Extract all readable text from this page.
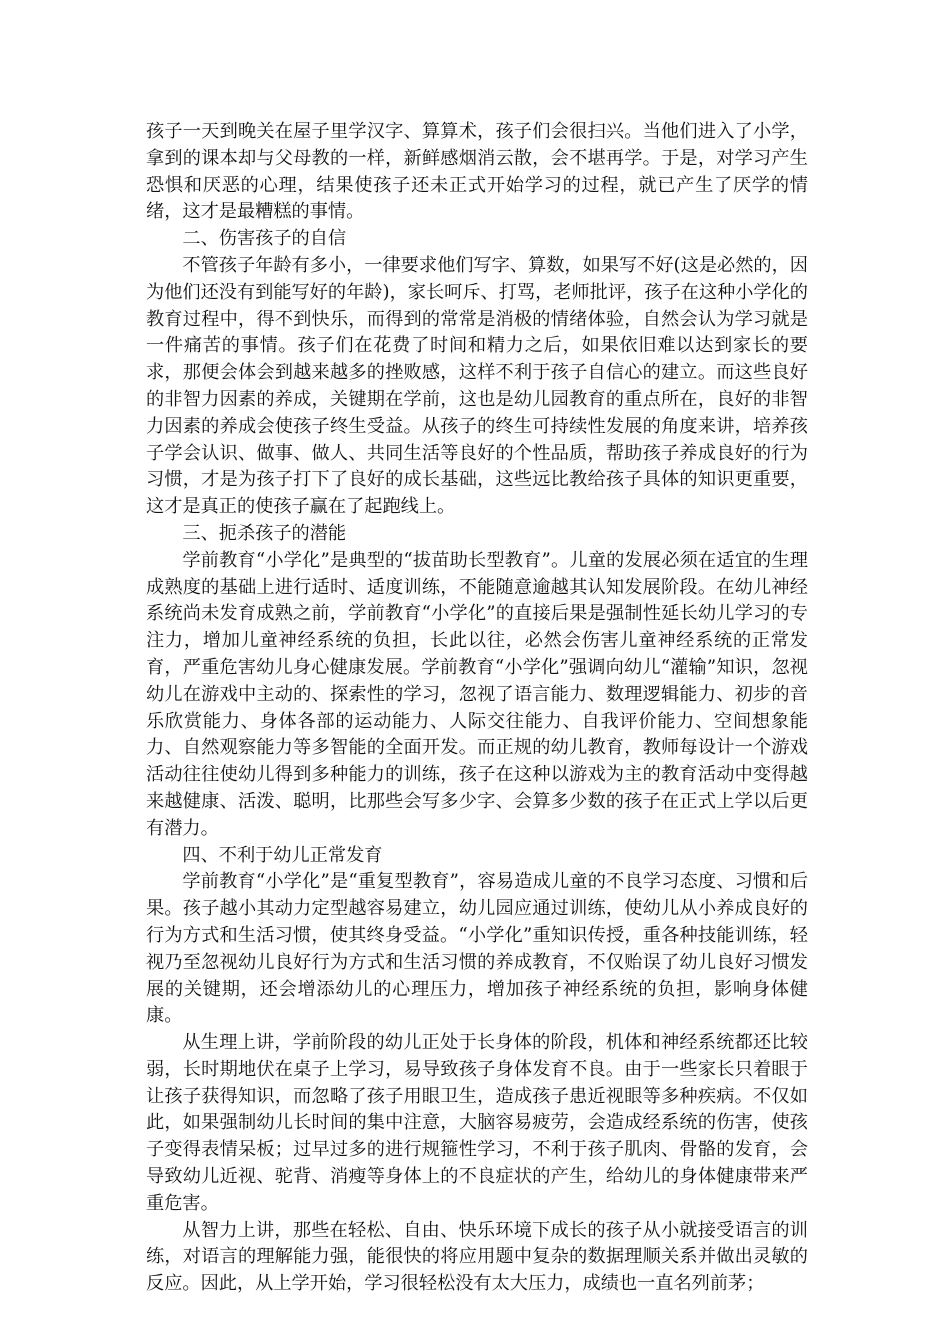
孩子一天到晚关在屋子里学汉字、算算术，孩子们会很扫兴。当他们进入了小学，拿到的课本却与父母教的一样，新鲜感烟消云散，会不堪再学。于是，对学习产生恐惧和厌恶的心理，结果使孩子还未正式开始学习的过程，就已产生了厌学的情绪，这才是最糟糕的事情。

二、伤害孩子的自信

不管孩子年龄有多小，一律要求他们写字、算数，如果写不好(这是必然的，因为他们还没有到能写好的年龄)，家长呵斥、打骂，老师批评，孩子在这种小学化的教育过程中，得不到快乐，而得到的常常是消极的情绪体验，自然会认为学习就是一件痛苦的事情。孩子们在花费了时间和精力之后，如果依旧难以达到家长的要求，那便会体会到越来越多的挫败感，这样不利于孩子自信心的建立。而这些良好的非智力因素的养成，关键期在学前，这也是幼儿园教育的重点所在，良好的非智力因素的养成会使孩子终生受益。从孩子的终生可持续性发展的角度来讲，培养孩子学会认识、做事、做人、共同生活等良好的个性品质，帮助孩子养成良好的行为习惯，才是为孩子打下了良好的成长基础，这些远比教给孩子具体的知识更重要，这才是真正的使孩子赢在了起跑线上。

三、扼杀孩子的潜能

学前教育“小学化”是典型的“拔苗助长型教育”。儿童的发展必须在适宜的生理成熟度的基础上进行适时、适度训练，不能随意逾越其认知发展阶段。在幼儿神经系统尚未发育成熟之前，学前教育“小学化”的直接后果是强制性延长幼儿学习的专注力，增加儿童神经系统的负担，长此以往，必然会伤害儿童神经系统的正常发育，严重危害幼儿身心健康发展。学前教育“小学化”强调向幼儿“灌输”知识，忽视幼儿在游戏中主动的、探索性的学习，忽视了语言能力、数理逻辑能力、初步的音乐欣赏能力、身体各部的运动能力、人际交往能力、自我评价能力、空间想象能力、自然观察能力等多智能的全面开发。而正规的幼儿教育，教师每设计一个游戏活动往往使幼儿得到多种能力的训练，孩子在这种以游戏为主的教育活动中变得越来越健康、活泼、聪明，比那些会写多少字、会算多少数的孩子在正式上学以后更有潜力。

四、不利于幼儿正常发育

学前教育“小学化”是“重复型教育”，容易造成儿童的不良学习态度、习惯和后果。孩子越小其动力定型越容易建立，幼儿园应通过训练，使幼儿从小养成良好的行为方式和生活习惯，使其终身受益。“小学化”重知识传授，重各种技能训练，轻视乃至忽视幼儿良好行为方式和生活习惯的养成教育，不仅贻误了幼儿良好习惯发展的关键期，还会增添幼儿的心理压力，增加孩子神经系统的负担，影响身体健康。

从生理上讲，学前阶段的幼儿正处于长身体的阶段，机体和神经系统都还比较弱，长时期地伏在桌子上学习，易导致孩子身体发育不良。由于一些家长只着眼于让孩子获得知识，而忽略了孩子用眼卫生，造成孩子患近视眼等多种疾病。不仅如此，如果强制幼儿长时间的集中注意，大脑容易疲劳，会造成经系统的伤害，使孩子变得表情呆板；过早过多的进行规箍性学习，不利于孩子肌肉、骨骼的发育，会导致幼儿近视、驼背、消瘦等身体上的不良症状的产生，给幼儿的身体健康带来严重危害。

从智力上讲，那些在轻松、自由、快乐环境下成长的孩子从小就接受语言的训练，对语言的理解能力强，能很快的将应用题中复杂的数据理顺关系并做出灵敏的反应。因此，从上学开始，学习很轻松没有太大压力，成绩也一直名列前茅；
